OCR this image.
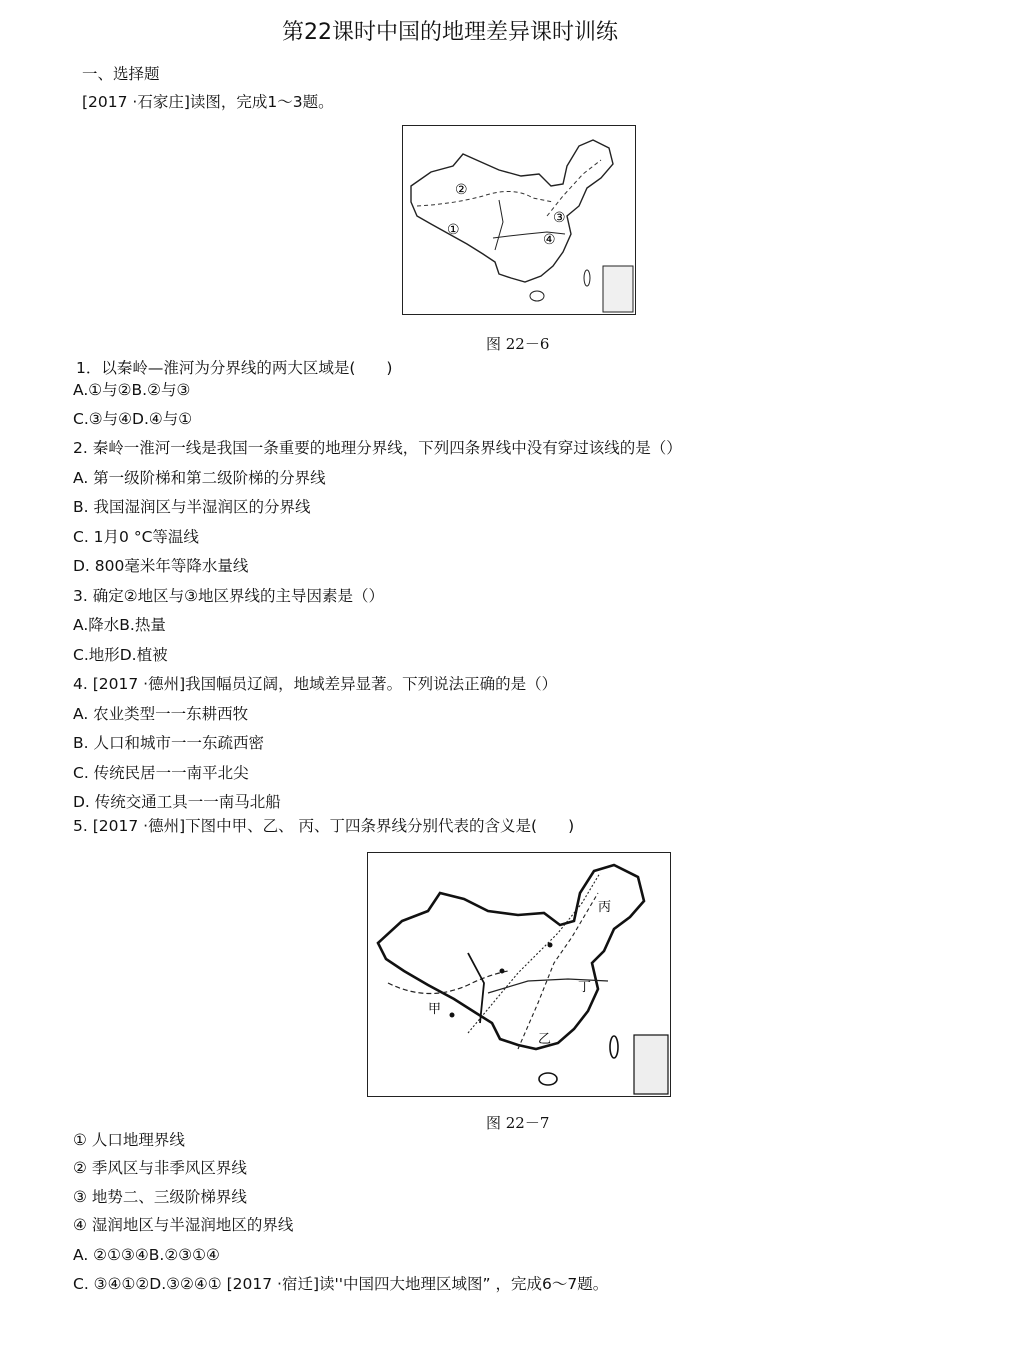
第22课时中国的地理差异课时训练
一、选择题
[2017 ·石家庄]读图，完成1～3题。
②
①
③
④
图 22－6
1．以秦岭—淮河为分界线的两大区域是(　　)
A.①与②B.②与③
C.③与④D.④与①
2. 秦岭一淮河一线是我国一条重要的地理分界线，下列四条界线中没有穿过该线的是（）
A. 第一级阶梯和第二级阶梯的分界线
B. 我国湿润区与半湿润区的分界线
C. 1月0 °C等温线
D. 800毫米年等降水量线
3. 确定②地区与③地区界线的主导因素是（）
A.降水B.热量
C.地形D.植被
4. [2017 ·德州]我国幅员辽阔，地域差异显著。下列说法正确的是（）
A. 农业类型一一东耕西牧
B. 人口和城市一一东疏西密
C. 传统民居一一南平北尖
D. 传统交通工具一一南马北船
5. [2017 ·德州]下图中甲、乙、 丙、丁四条界线分别代表的含义是(　　)
丙
丁
甲
乙
图 22－7
① 人口地理界线
② 季风区与非季风区界线
③ 地势二、三级阶梯界线
④ 湿润地区与半湿润地区的界线
A. ②①③④B.②③①④
C. ③④①②D.③②④① [2017 ·宿迁]读''中国四大地理区域图” ，完成6～7题。
